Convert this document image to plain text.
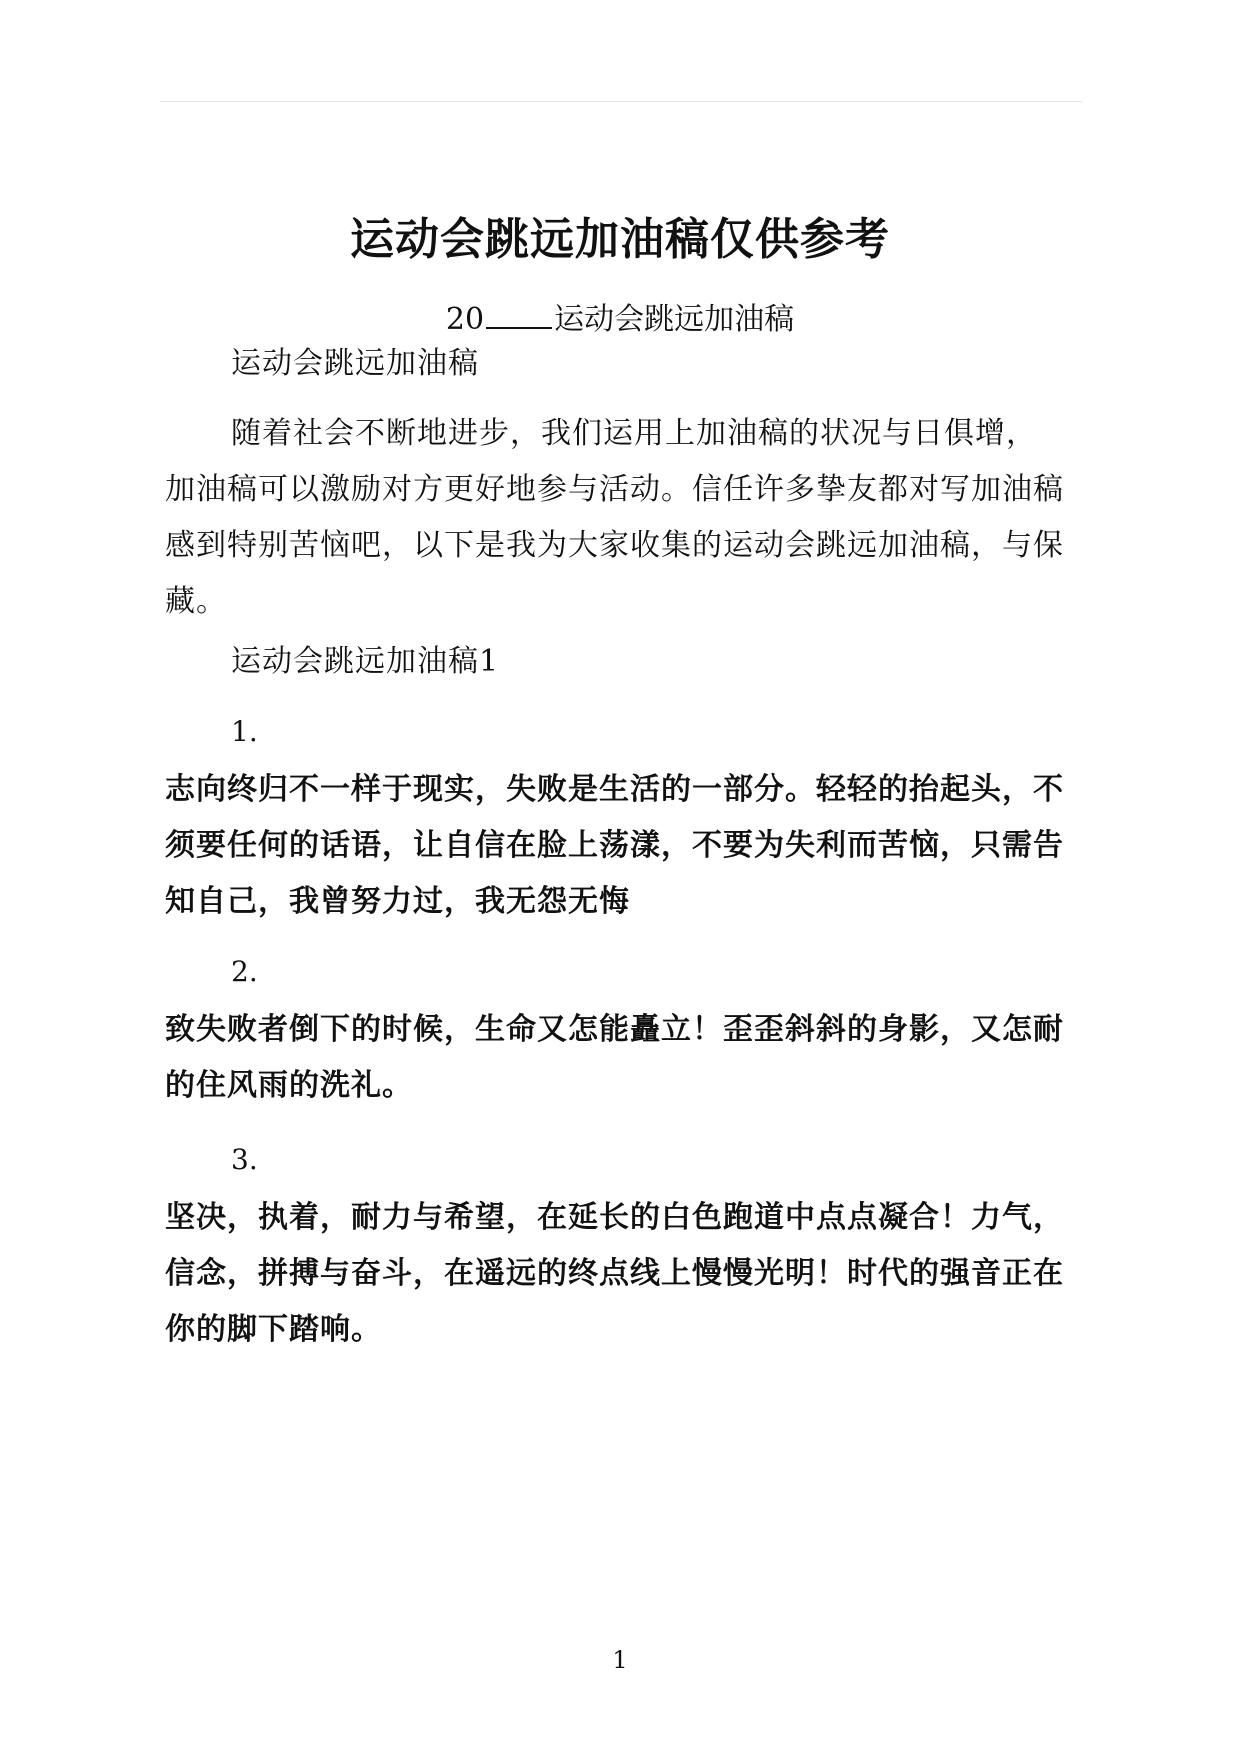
运动会跳远加油稿仅供参考
20 运动会跳远加油稿
运动会跳远加油稿
随着社会不断地进步，我们运用上加油稿的状况与日俱增，加油稿可以激励对方更好地参与活动。信任许多挚友都对写加油稿感到特别苦恼吧，以下是我为大家收集的运动会跳远加油稿，与保藏。
运动会跳远加油稿1
1.
志向终归不一样于现实，失败是生活的一部分。轻轻的抬起头，不须要任何的话语，让自信在脸上荡漾，不要为失利而苦恼，只需告知自己，我曾努力过，我无怨无悔
2.
致失败者倒下的时候，生命又怎能矗立！歪歪斜斜的身影，又怎耐的住风雨的洗礼。
3.
坚决，执着，耐力与希望，在延长的白色跑道中点点凝合！力气，信念，拼搏与奋斗，在遥远的终点线上慢慢光明！时代的强音正在你的脚下踏响。
1
